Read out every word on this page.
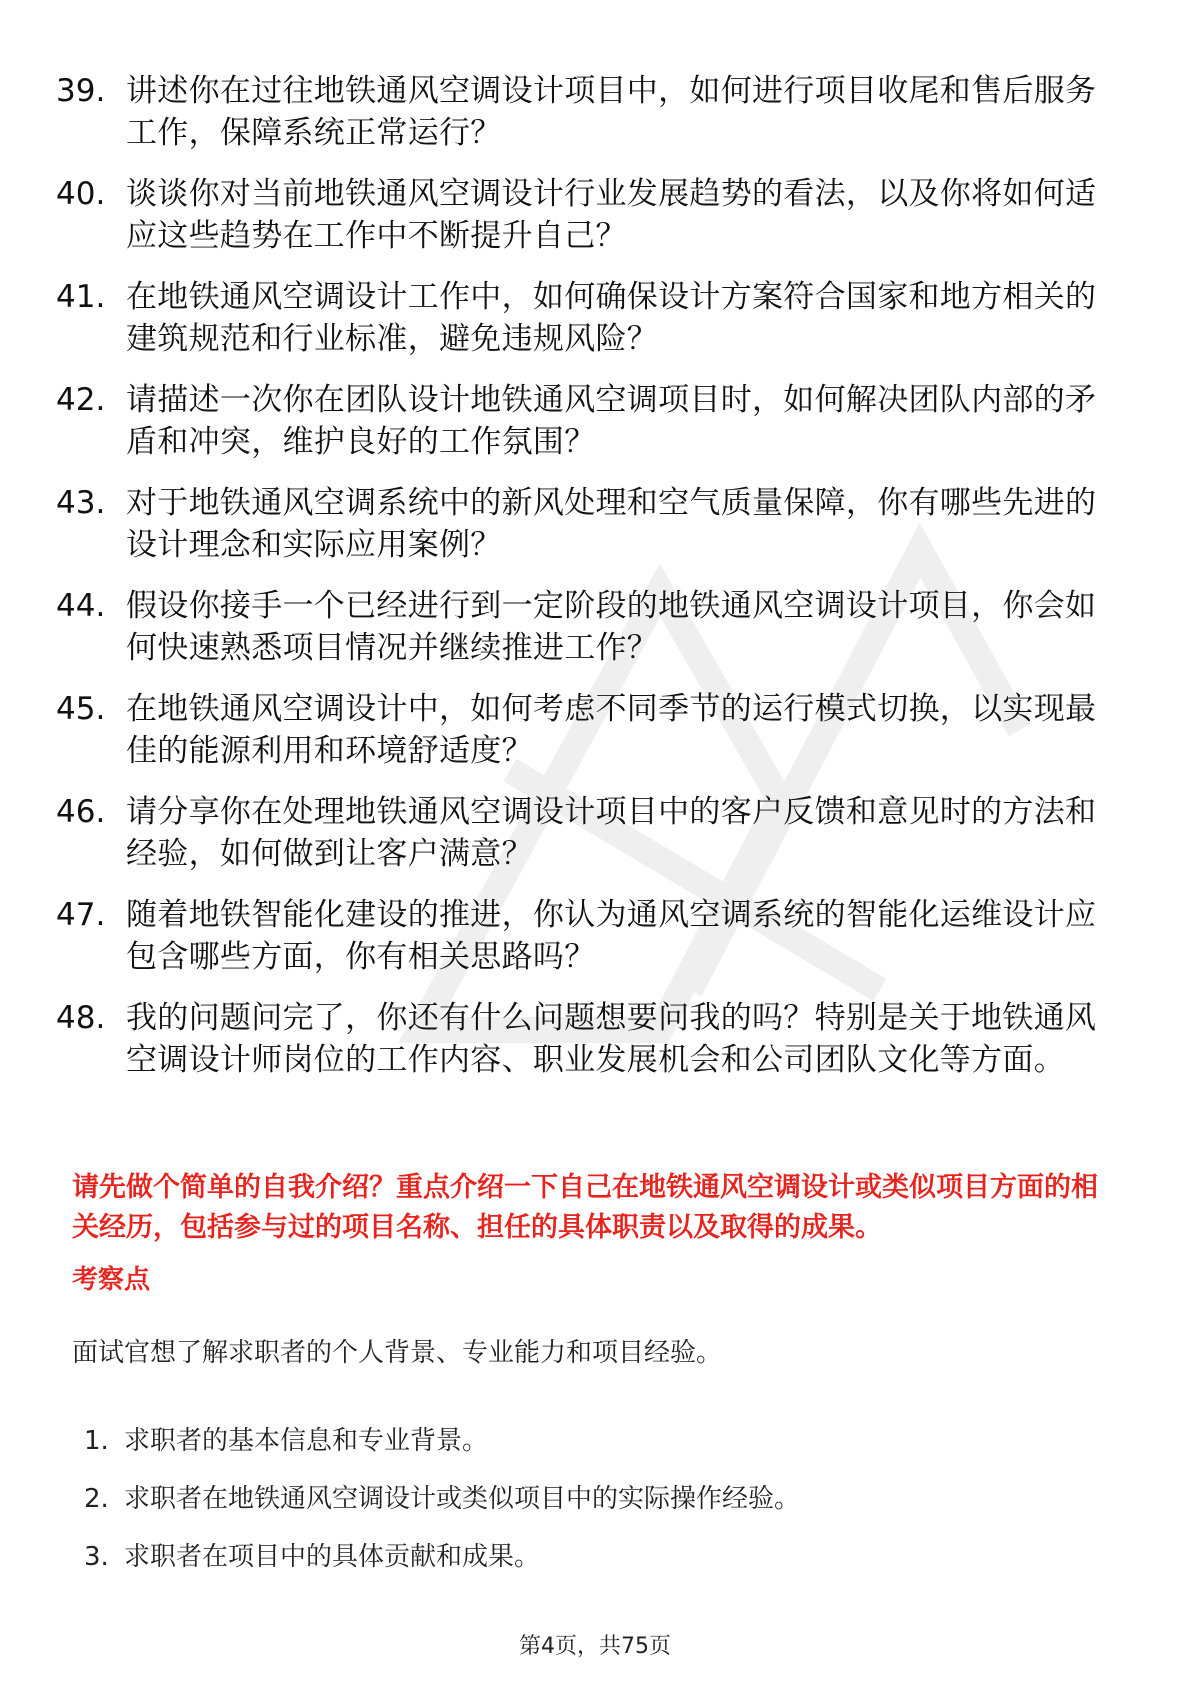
39. 讲述你在过往地铁通风空调设计项目中，如何进行项目收尾和售后服务工作，保障系统正常运行？
40. 谈谈你对当前地铁通风空调设计行业发展趋势的看法，以及你将如何适应这些趋势在工作中不断提升自己？
41. 在地铁通风空调设计工作中，如何确保设计方案符合国家和地方相关的建筑规范和行业标准，避免违规风险？
42. 请描述一次你在团队设计地铁通风空调项目时，如何解决团队内部的矛盾和冲突，维护良好的工作氛围？
43. 对于地铁通风空调系统中的新风处理和空气质量保障，你有哪些先进的设计理念和实际应用案例？
44. 假设你接手一个已经进行到一定阶段的地铁通风空调设计项目，你会如何快速熟悉项目情况并继续推进工作？
45. 在地铁通风空调设计中，如何考虑不同季节的运行模式切换，以实现最佳的能源利用和环境舒适度？
46. 请分享你在处理地铁通风空调设计项目中的客户反馈和意见时的方法和经验，如何做到让客户满意？
47. 随着地铁智能化建设的推进，你认为通风空调系统的智能化运维设计应包含哪些方面，你有相关思路吗？
48. 我的问题问完了，你还有什么问题想要问我的吗？特别是关于地铁通风空调设计师岗位的工作内容、职业发展机会和公司团队文化等方面。
请先做个简单的自我介绍？重点介绍一下自己在地铁通风空调设计或类似项目方面的相关经历，包括参与过的项目名称、担任的具体职责以及取得的成果。
考察点
面试官想了解求职者的个人背景、专业能力和项目经验。
1. 求职者的基本信息和专业背景。
2. 求职者在地铁通风空调设计或类似项目中的实际操作经验。
3. 求职者在项目中的具体贡献和成果。
第4页，共75页
